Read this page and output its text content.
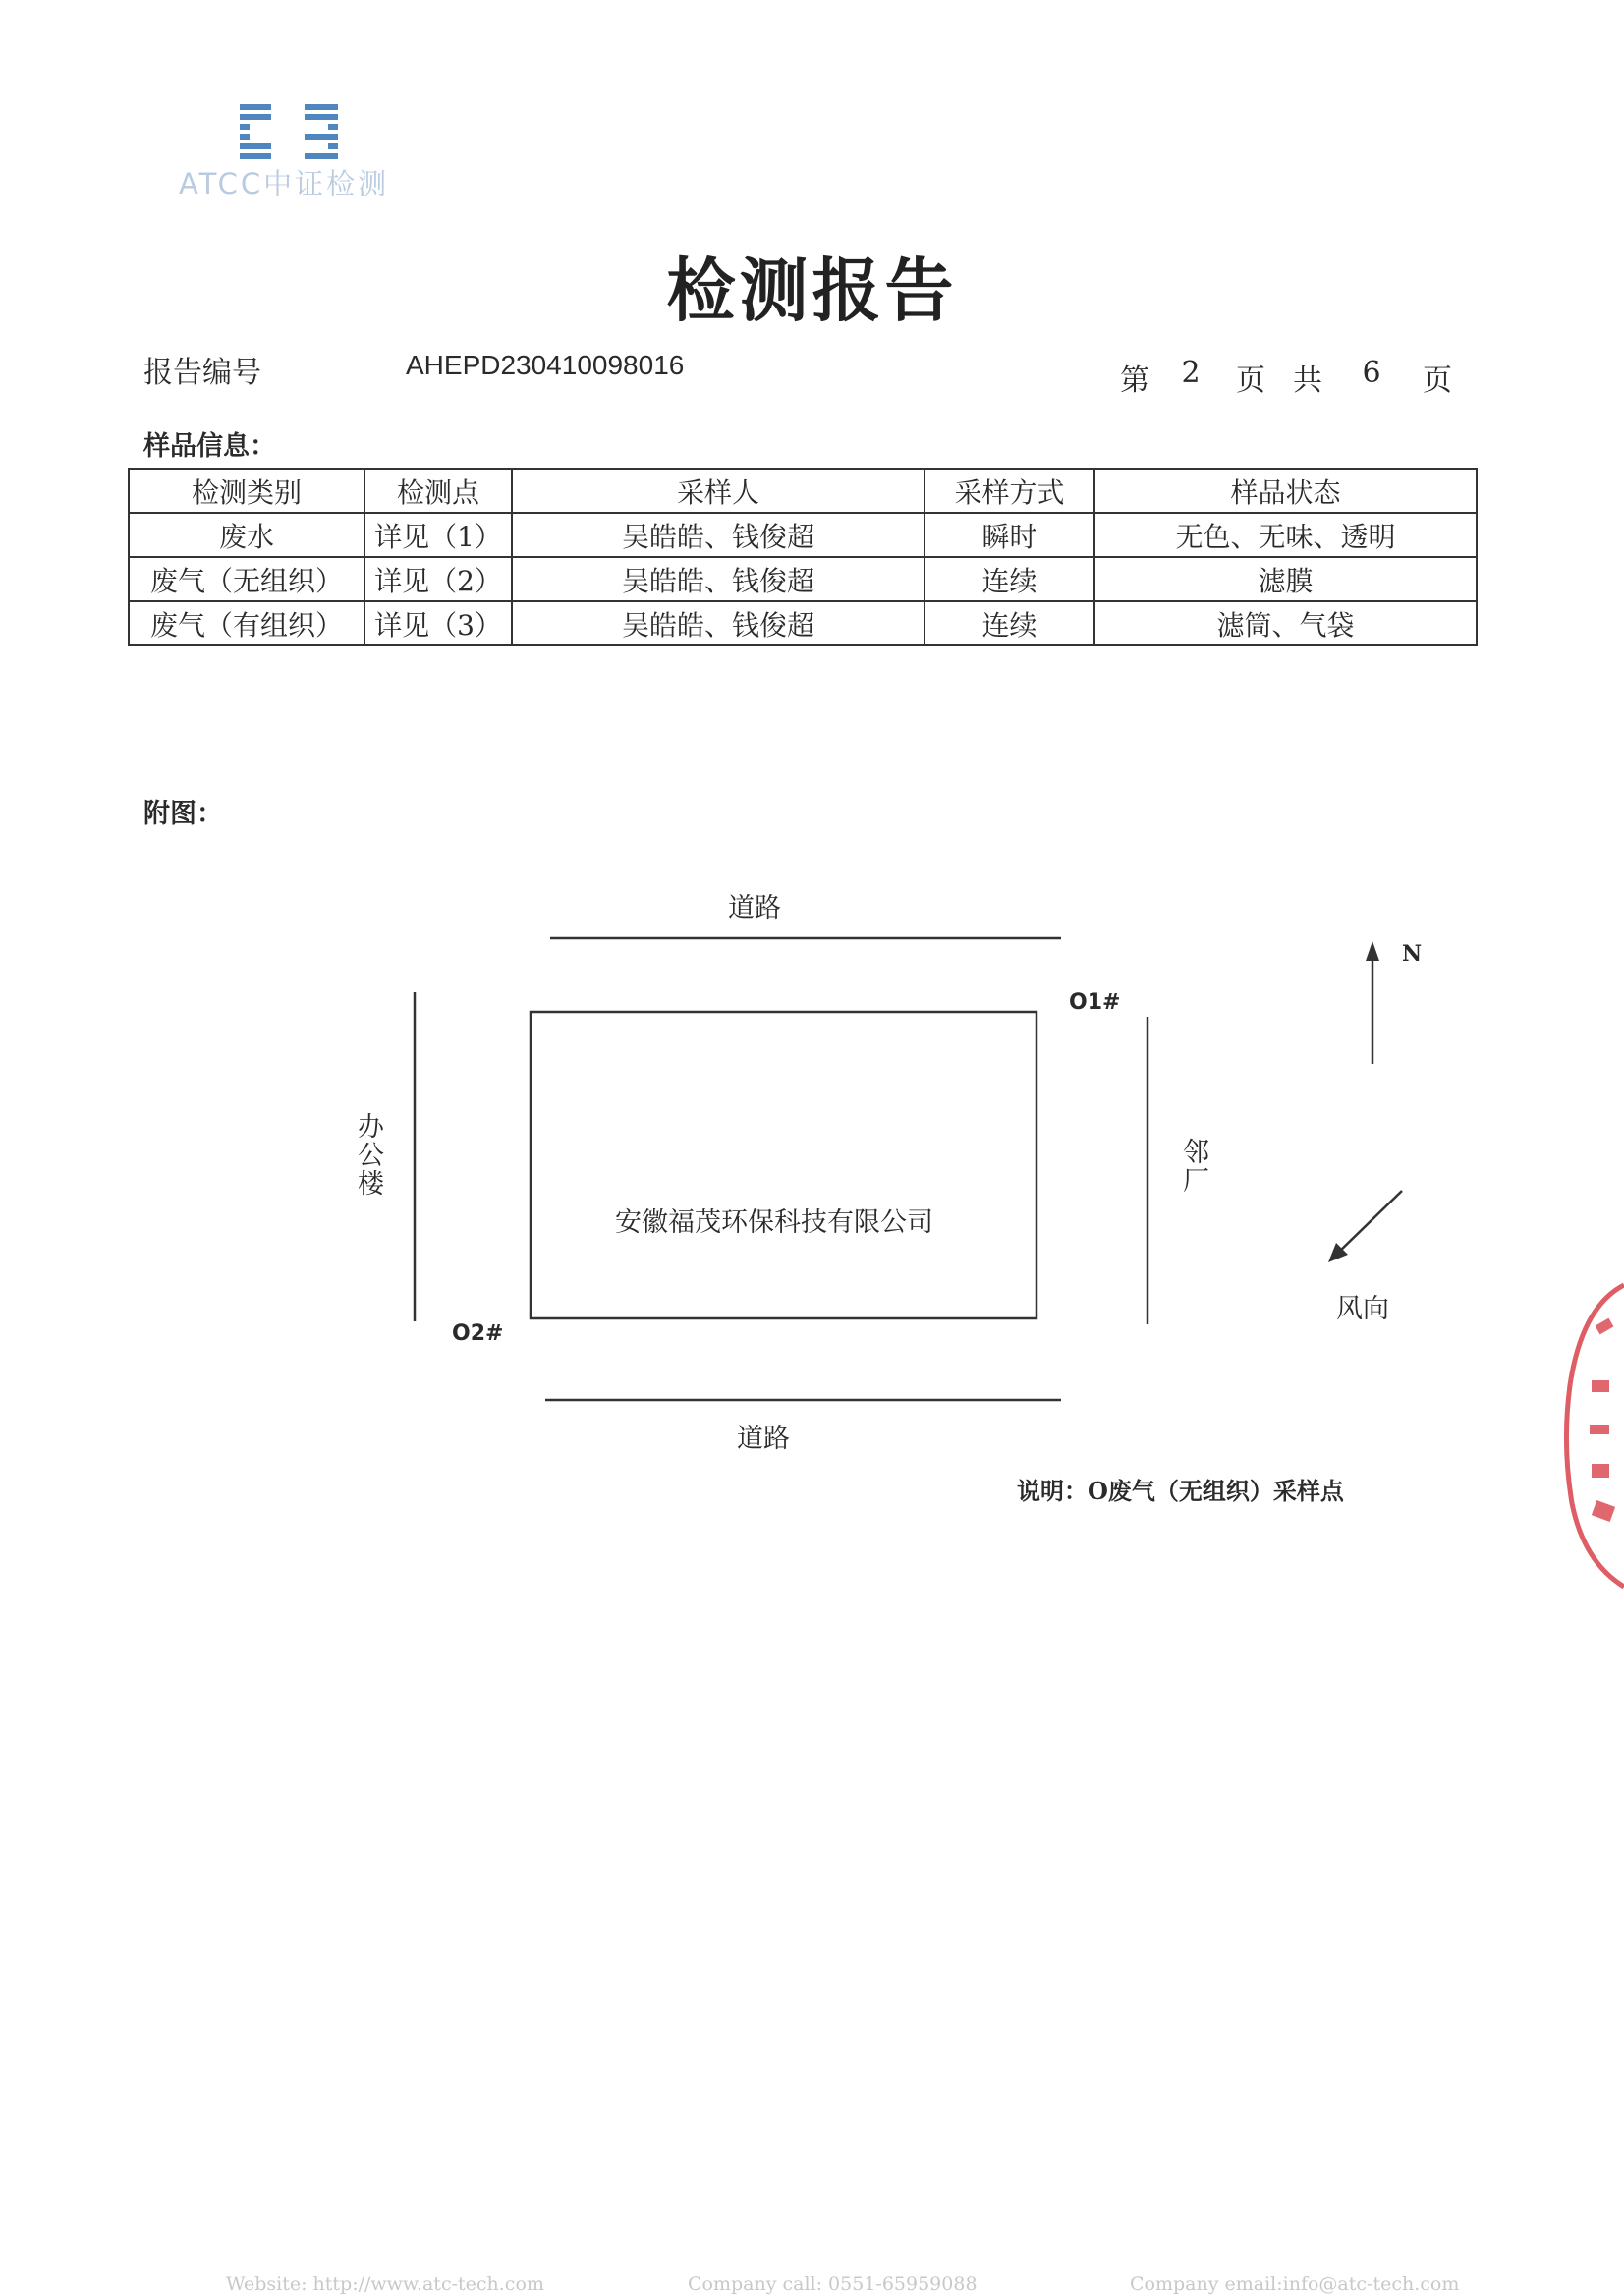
ATCC中证检测
检测报告
报告编号	AHEPD230410098016	第	2	页 共	6	页
样品信息：
检测类别	检测点	采样人	采样方式	样品状态
废水	详见（1）	吴皓皓、钱俊超	瞬时	无色、无味、透明
废气（无组织）	详见（2）	吴皓皓、钱俊超	连续	滤膜
废气（有组织）	详见（3）	吴皓皓、钱俊超	连续	滤筒、气袋
附图：
道路
道路
办公楼	邻厂
安徽福茂环保科技有限公司
O1#
O2#
N
风向
说明：O废气（无组织）采样点
Website: http://www.atc-tech.com	Company call: 0551-65959088	Company email:info@atc-tech.com
